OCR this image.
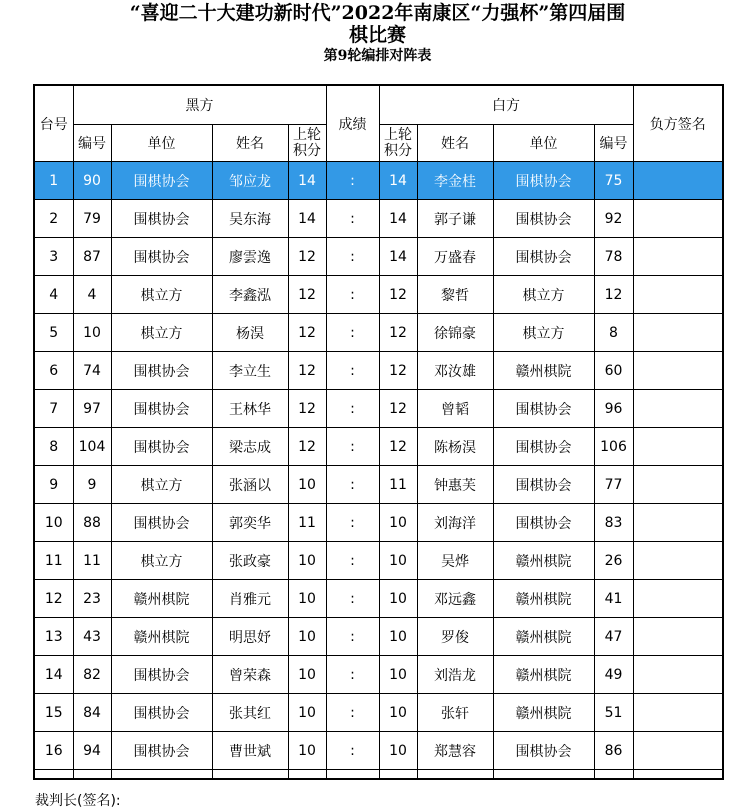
“喜迎二十大建功新时代”2022年南康区“力强杯”第四届围
棋比赛
第9轮编排对阵表
台号	黑方				成绩	白方				负方签名
	编号	单位	姓名	上轮积分		上轮积分	姓名	单位	编号	
1	90	围棋协会	邹应龙	14	:	14	李金桂	围棋协会	75	
2	79	围棋协会	吴东海	14	:	14	郭子谦	围棋协会	92	
3	87	围棋协会	廖雲逸	12	:	14	万盛春	围棋协会	78	
4	4	棋立方	李鑫泓	12	:	12	黎哲	棋立方	12	
5	10	棋立方	杨淏	12	:	12	徐锦豪	棋立方	8	
6	74	围棋协会	李立生	12	:	12	邓汝雄	赣州棋院	60	
7	97	围棋协会	王林华	12	:	12	曾韬	围棋协会	96	
8	104	围棋协会	梁志成	12	:	12	陈杨淏	围棋协会	106	
9	9	棋立方	张涵以	10	:	11	钟惠芙	围棋协会	77	
10	88	围棋协会	郭奕华	11	:	10	刘海洋	围棋协会	83	
11	11	棋立方	张政豪	10	:	10	吴烨	赣州棋院	26	
12	23	赣州棋院	肖雅元	10	:	10	邓远鑫	赣州棋院	41	
13	43	赣州棋院	明思妤	10	:	10	罗俊	赣州棋院	47	
14	82	围棋协会	曾荣森	10	:	10	刘浩龙	赣州棋院	49	
15	84	围棋协会	张其红	10	:	10	张轩	赣州棋院	51	
16	94	围棋协会	曹世斌	10	:	10	郑慧容	围棋协会	86	

裁判长(签名):
